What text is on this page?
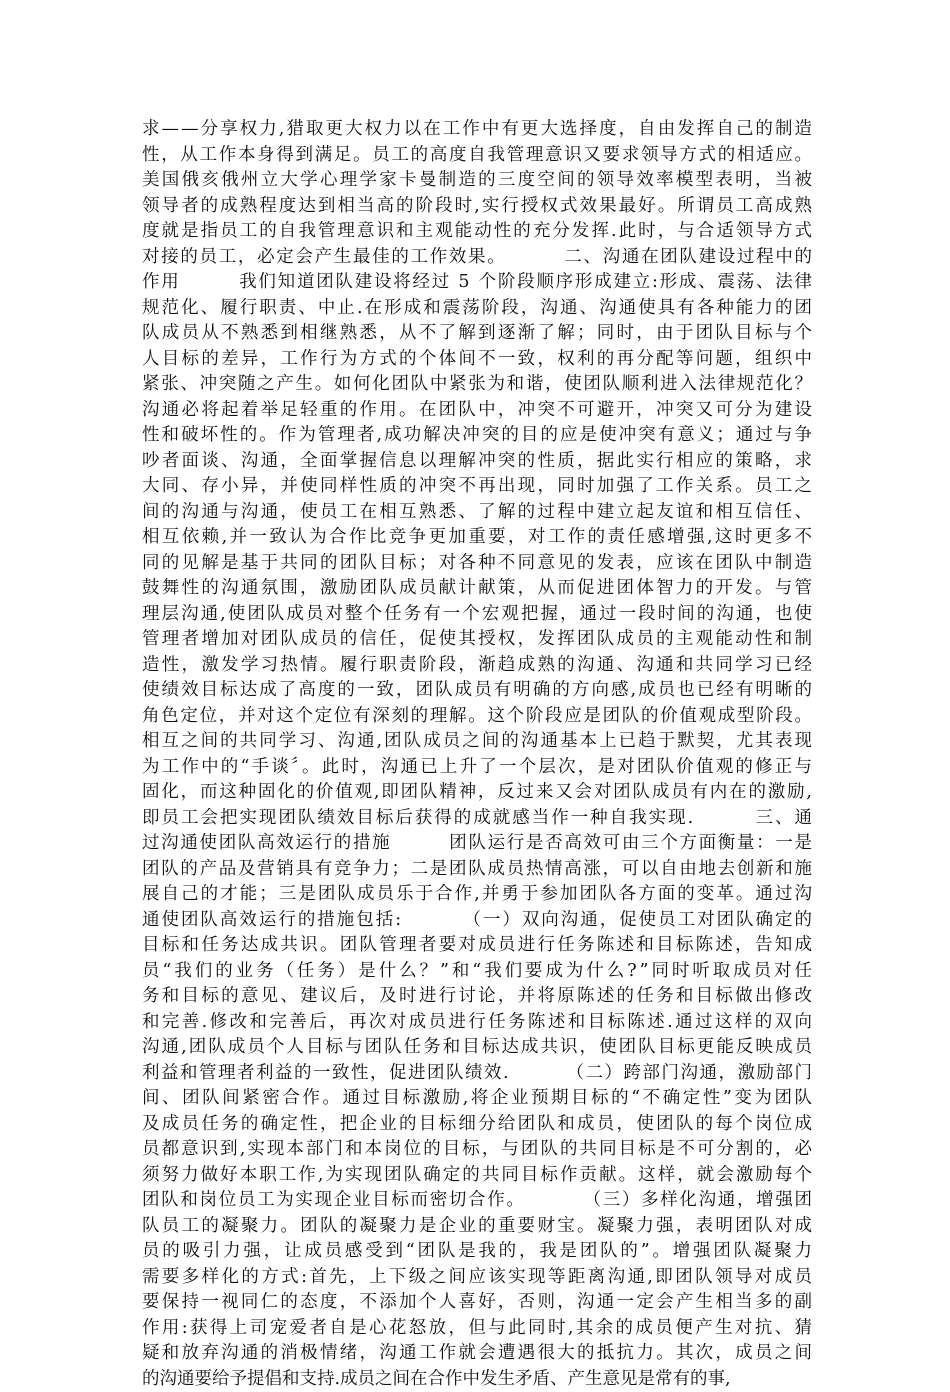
求——分享权力,猎取更大权力以在工作中有更大选择度，自由发挥自己的制造
性，从工作本身得到满足。员工的高度自我管理意识又要求领导方式的相适应。
美国俄亥俄州立大学心理学家卡曼制造的三度空间的领导效率模型表明，当被
领导者的成熟程度达到相当高的阶段时,实行授权式效果最好。所谓员工高成熟
度就是指员工的自我管理意识和主观能动性的充分发挥.此时，与合适领导方式
对接的员工，必定会产生最佳的工作效果。        二、沟通在团队建设过程中的
作用        我们知道团队建设将经过 5 个阶段顺序形成建立:形成、震荡、法律
规范化、履行职责、中止.在形成和震荡阶段，沟通、沟通使具有各种能力的团
队成员从不熟悉到相继熟悉，从不了解到逐渐了解；同时，由于团队目标与个
人目标的差异，工作行为方式的个体间不一致，权利的再分配等问题，组织中
紧张、冲突随之产生。如何化团队中紧张为和谐，使团队顺利进入法律规范化？
沟通必将起着举足轻重的作用。在团队中，冲突不可避开，冲突又可分为建设
性和破坏性的。作为管理者,成功解决冲突的目的应是使冲突有意义；通过与争
吵者面谈、沟通，全面掌握信息以理解冲突的性质，据此实行相应的策略，求
大同、存小异，并使同样性质的冲突不再出现，同时加强了工作关系。员工之
间的沟通与沟通，使员工在相互熟悉、了解的过程中建立起友谊和相互信任、
相互依赖,并一致认为合作比竞争更加重要，对工作的责任感增强,这时更多不
同的见解是基于共同的团队目标；对各种不同意见的发表，应该在团队中制造
鼓舞性的沟通氛围，激励团队成员献计献策，从而促进团体智力的开发。与管
理层沟通,使团队成员对整个任务有一个宏观把握，通过一段时间的沟通，也使
管理者增加对团队成员的信任，促使其授权，发挥团队成员的主观能动性和制
造性，激发学习热情。履行职责阶段，渐趋成熟的沟通、沟通和共同学习已经
使绩效目标达成了高度的一致，团队成员有明确的方向感,成员也已经有明晰的
角色定位，并对这个定位有深刻的理解。这个阶段应是团队的价值观成型阶段。
相互之间的共同学习、沟通,团队成员之间的沟通基本上已趋于默契，尤其表现
为工作中的“手谈〞。此时，沟通已上升了一个层次，是对团队价值观的修正与
固化，而这种固化的价值观,即团队精神，反过来又会对团队成员有内在的激励,
即员工会把实现团队绩效目标后获得的成就感当作一种自我实现.        三、通
过沟通使团队高效运行的措施        团队运行是否高效可由三个方面衡量：一是
团队的产品及营销具有竞争力；二是团队成员热情高涨，可以自由地去创新和施
展自己的才能；三是团队成员乐于合作,并勇于参加团队各方面的变革。通过沟
通使团队高效运行的措施包括:        （一）双向沟通，促使员工对团队确定的
目标和任务达成共识。团队管理者要对成员进行任务陈述和目标陈述，告知成
员“我们的业务（任务）是什么？”和“我们要成为什么?”同时听取成员对任
务和目标的意见、建议后，及时进行讨论，并将原陈述的任务和目标做出修改
和完善.修改和完善后，再次对成员进行任务陈述和目标陈述.通过这样的双向
沟通,团队成员个人目标与团队任务和目标达成共识，使团队目标更能反映成员
利益和管理者利益的一致性，促进团队绩效.        （二）跨部门沟通，激励部门
间、团队间紧密合作。通过目标激励,将企业预期目标的“不确定性”变为团队
及成员任务的确定性，把企业的目标细分给团队和成员，使团队的每个岗位成
员都意识到,实现本部门和本岗位的目标，与团队的共同目标是不可分割的，必
须努力做好本职工作,为实现团队确定的共同目标作贡献。这样，就会激励每个
团队和岗位员工为实现企业目标而密切合作。        （三）多样化沟通，增强团
队员工的凝聚力。团队的凝聚力是企业的重要财宝。凝聚力强，表明团队对成
员的吸引力强，让成员感受到“团队是我的，我是团队的”。增强团队凝聚力
需要多样化的方式:首先，上下级之间应该实现等距离沟通,即团队领导对成员
要保持一视同仁的态度，不添加个人喜好，否则，沟通一定会产生相当多的副
作用:获得上司宠爱者自是心花怒放，但与此同时,其余的成员便产生对抗、猜
疑和放弃沟通的消极情绪，沟通工作就会遭遇很大的抵抗力。其次，成员之间
的沟通要给予提倡和支持.成员之间在合作中发生矛盾、产生意见是常有的事,
